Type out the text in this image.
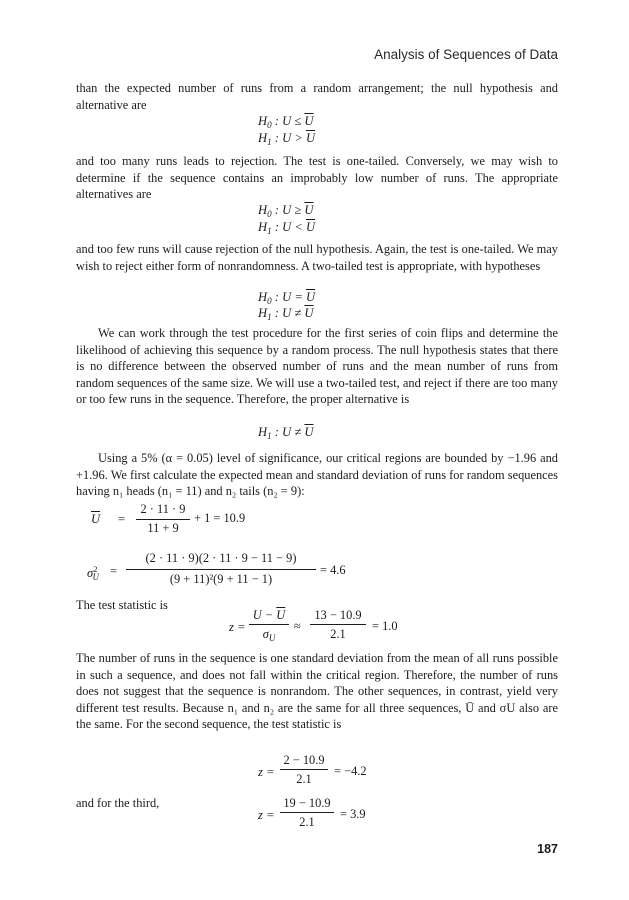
Analysis of Sequences of Data

than the expected number of runs from a random arrangement; the null hypothesis and alternative are

$H_0$ : $U \le \overline{U}$
$H_1$ : $U > \overline{U}$

and too many runs leads to rejection. The test is one-tailed. Conversely, we may wish to determine if the sequence contains an improbably low number of runs. The appropriate alternatives are

$H_0$ : $U \ge \overline{U}$
$H_1$ : $U < \overline{U}$

and too few runs will cause rejection of the null hypothesis. Again, the test is one-tailed. We may wish to reject either form of nonrandomness. A two-tailed test is appropriate, with hypotheses

$H_0$ : $U = \overline{U}$
$H_1$ : $U \ne \overline{U}$

We can work through the test procedure for the first series of coin flips and determine the likelihood of achieving this sequence by a random process. The null hypothesis states that there is no difference between the observed number of runs and the mean number of runs from random sequences of the same size. We will use a two-tailed test, and reject if there are too many or too few runs in the sequence. Therefore, the proper alternative is

$H_1$ : $U \ne \overline{U}$

Using a 5% (α = 0.05) level of significance, our critical regions are bounded by −1.96 and +1.96. We first calculate the expected mean and standard deviation of runs for random sequences having n₁ heads (n₁ = 11) and n₂ tails (n₂ = 9):

$\overline{U}$ =
2 · 11 · 9
11 + 9
+ 1 = 10.9
$\sigma^2_U$ =
(2 · 11 · 9)(2 · 11 · 9 − 11 − 9)
(9 + 11)²(9 + 11 − 1)
= 4.6

The test statistic is

z =
$U - \overline{U}$
$\sigma_U$
≈
13 − 10.9
2.1
= 1.0

The number of runs in the sequence is one standard deviation from the mean of all runs possible in such a sequence, and does not fall within the critical region. Therefore, the number of runs does not suggest that the sequence is nonrandom. The other sequences, in contrast, yield very different test results. Because n₁ and n₂ are the same for all three sequences, Ū and σU also are the same. For the second sequence, the test statistic is

z =
2 − 10.9
2.1
= −4.2

and for the third,

z =
19 − 10.9
2.1
= 3.9
187
